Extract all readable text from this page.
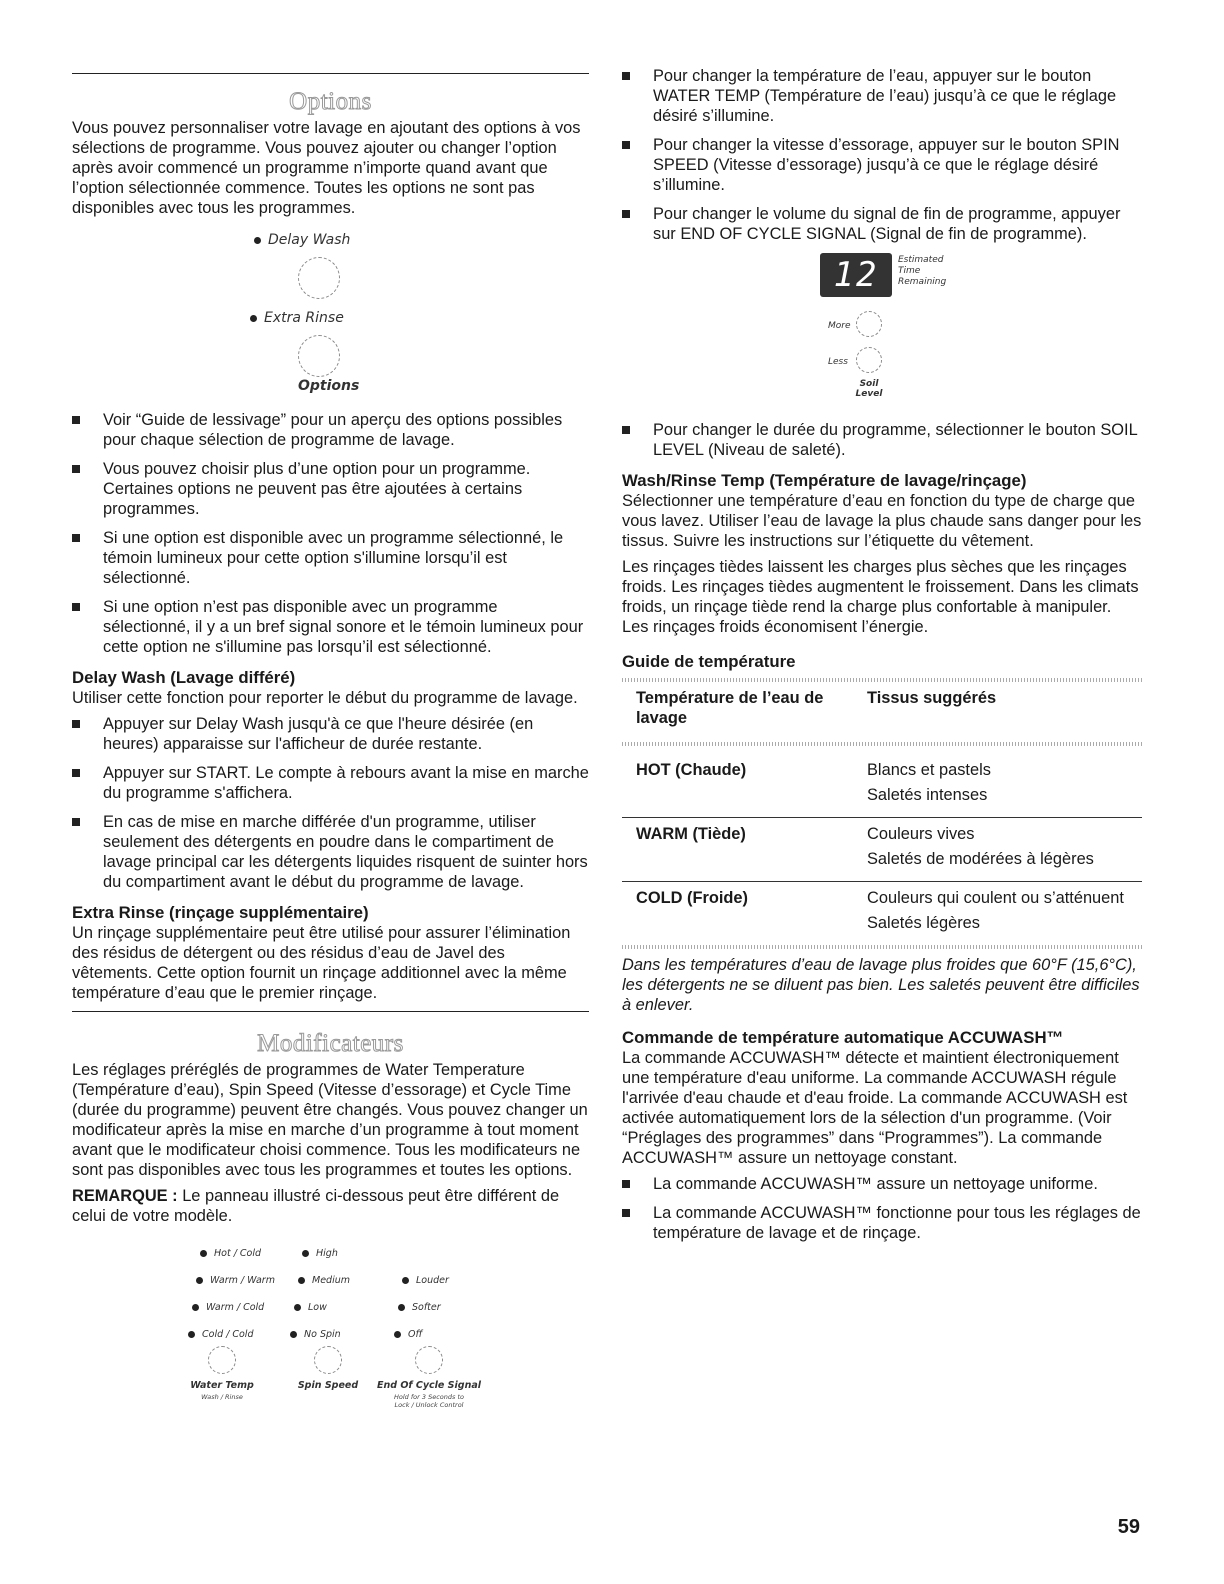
Options

Vous pouvez personnaliser votre lavage en ajoutant des options à vos sélections de programme. Vous pouvez ajouter ou changer l’option après avoir commencé un programme n’importe quand avant que l’option sélectionnée commence. Toutes les options ne sont pas disponibles avec tous les programmes.

Delay Wash
Extra Rinse
Options
Voir “Guide de lessivage” pour un aperçu des options possibles pour chaque sélection de programme de lavage.
Vous pouvez choisir plus d’une option pour un programme. Certaines options ne peuvent pas être ajoutées à certains programmes.
Si une option est disponible avec un programme sélectionné, le témoin lumineux pour cette option s'illumine lorsqu’il est sélectionné.
Si une option n’est pas disponible avec un programme sélectionné, il y a un bref signal sonore et le témoin lumineux pour cette option ne s'illumine pas lorsqu’il est sélectionné.
Delay Wash (Lavage différé)

Utiliser cette fonction pour reporter le début du programme de lavage.

Appuyer sur Delay Wash jusqu'à ce que l'heure désirée (en heures) apparaisse sur l'afficheur de durée restante.
Appuyer sur START. Le compte à rebours avant la mise en marche du programme s'affichera.
En cas de mise en marche différée d'un programme, utiliser seulement des détergents en poudre dans le compartiment de lavage principal car les détergents liquides risquent de suinter hors du compartiment avant le début du programme de lavage.
Extra Rinse (rinçage supplémentaire)

Un rinçage supplémentaire peut être utilisé pour assurer l’élimination des résidus de détergent ou des résidus d’eau de Javel des vêtements. Cette option fournit un rinçage additionnel avec la même température d’eau que le premier rinçage.

Modificateurs

Les réglages préréglés de programmes de Water Temperature (Température d’eau), Spin Speed (Vitesse d’essorage) et Cycle Time (durée du programme) peuvent être changés. Vous pouvez changer un modificateur après la mise en marche d’un programme à tout moment avant que le modificateur choisi commence. Tous les modificateurs ne sont pas disponibles avec tous les programmes et toutes les options.

REMARQUE : Le panneau illustré ci-dessous peut être différent de celui de votre modèle.

Hot / Cold
Warm / Warm
Warm / Cold
Cold / Cold
Water Temp
Wash / Rinse
High
Medium
Low
No Spin
Spin Speed
Louder
Softer
Off
End Of Cycle Signal
Hold for 3 Seconds to
Lock / Unlock Control
Pour changer la température de l’eau, appuyer sur le bouton WATER TEMP (Température de l’eau) jusqu’à ce que le réglage désiré s’illumine.
Pour changer la vitesse d’essorage, appuyer sur le bouton SPIN SPEED (Vitesse d’essorage) jusqu’à ce que le réglage désiré s’illumine.
Pour changer le volume du signal de fin de programme, appuyer sur END OF CYCLE SIGNAL (Signal de fin de programme).
12	Estimated
Time
Remaining
More
Less
Soil
Level
Pour changer le durée du programme, sélectionner le bouton SOIL LEVEL (Niveau de saleté).
Wash/Rinse Temp (Température de lavage/rinçage)

Sélectionner une température d’eau en fonction du type de charge que vous lavez. Utiliser l’eau de lavage la plus chaude sans danger pour les tissus. Suivre les instructions sur l’étiquette du vêtement.

Les rinçages tièdes laissent les charges plus sèches que les rinçages froids. Les rinçages tièdes augmentent le froissement. Dans les climats froids, un rinçage tiède rend la charge plus confortable à manipuler. Les rinçages froids économisent l’énergie.

Guide de température
Température de l’eau de lavage	Tissus suggérés
HOT (Chaude)	Blancs et pastels
Saletés intenses

WARM (Tiède)	Couleurs vives
Saletés de modérées à légères

COLD (Froide)	Couleurs qui coulent ou s’atténuent
Saletés légères

Dans les températures d’eau de lavage plus froides que 60°F (15,6°C), les détergents ne se diluent pas bien. Les saletés peuvent être difficiles à enlever.

Commande de température automatique ACCUWASH™

La commande ACCUWASH™ détecte et maintient électroniquement une température d'eau uniforme. La commande ACCUWASH régule l'arrivée d'eau chaude et d'eau froide. La commande ACCUWASH est activée automatiquement lors de la sélection d'un programme. (Voir “Préglages des programmes” dans “Programmes”). La commande ACCUWASH™ assure un nettoyage constant.

La commande ACCUWASH™ assure un nettoyage uniforme.
La commande ACCUWASH™ fonctionne pour tous les réglages de température de lavage et de rinçage.
59
